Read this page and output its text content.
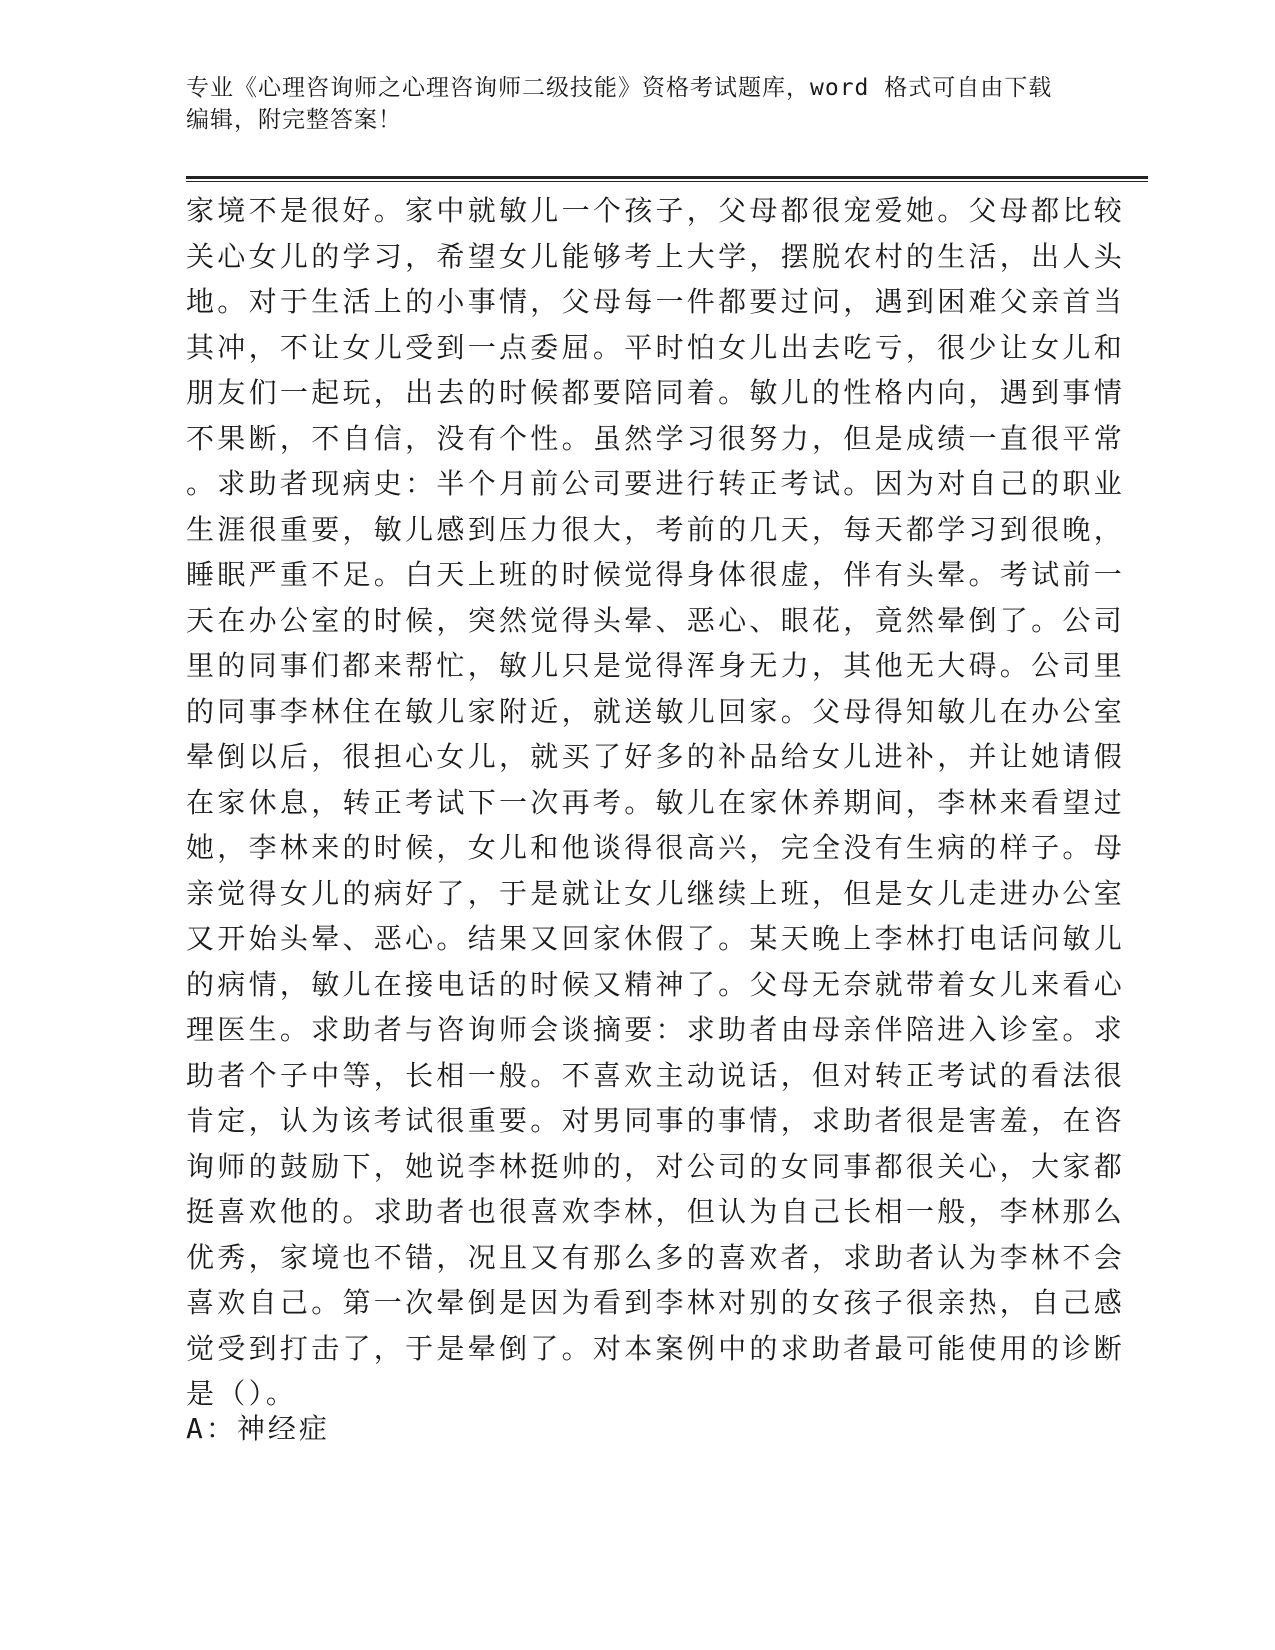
专业《心理咨询师之心理咨询师二级技能》资格考试题库，word 格式可自由下载
编辑，附完整答案！
家境不是很好。家中就敏儿一个孩子，父母都很宠爱她。父母都比较
关心女儿的学习，希望女儿能够考上大学，摆脱农村的生活，出人头
地。对于生活上的小事情，父母每一件都要过问，遇到困难父亲首当
其冲，不让女儿受到一点委屈。平时怕女儿出去吃亏，很少让女儿和
朋友们一起玩，出去的时候都要陪同着。敏儿的性格内向，遇到事情
不果断，不自信，没有个性。虽然学习很努力，但是成绩一直很平常
。求助者现病史：半个月前公司要进行转正考试。因为对自己的职业
生涯很重要，敏儿感到压力很大，考前的几天，每天都学习到很晚，
睡眠严重不足。白天上班的时候觉得身体很虚，伴有头晕。考试前一
天在办公室的时候，突然觉得头晕、恶心、眼花，竟然晕倒了。公司
里的同事们都来帮忙，敏儿只是觉得浑身无力，其他无大碍。公司里
的同事李林住在敏儿家附近，就送敏儿回家。父母得知敏儿在办公室
晕倒以后，很担心女儿，就买了好多的补品给女儿进补，并让她请假
在家休息，转正考试下一次再考。敏儿在家休养期间，李林来看望过
她，李林来的时候，女儿和他谈得很高兴，完全没有生病的样子。母
亲觉得女儿的病好了，于是就让女儿继续上班，但是女儿走进办公室
又开始头晕、恶心。结果又回家休假了。某天晚上李林打电话问敏儿
的病情，敏儿在接电话的时候又精神了。父母无奈就带着女儿来看心
理医生。求助者与咨询师会谈摘要：求助者由母亲伴陪进入诊室。求
助者个子中等，长相一般。不喜欢主动说话，但对转正考试的看法很
肯定，认为该考试很重要。对男同事的事情，求助者很是害羞，在咨
询师的鼓励下，她说李林挺帅的，对公司的女同事都很关心，大家都
挺喜欢他的。求助者也很喜欢李林，但认为自己长相一般，李林那么
优秀，家境也不错，况且又有那么多的喜欢者，求助者认为李林不会
喜欢自己。第一次晕倒是因为看到李林对别的女孩子很亲热，自己感
觉受到打击了，于是晕倒了。对本案例中的求助者最可能使用的诊断
是（）。
A：神经症
